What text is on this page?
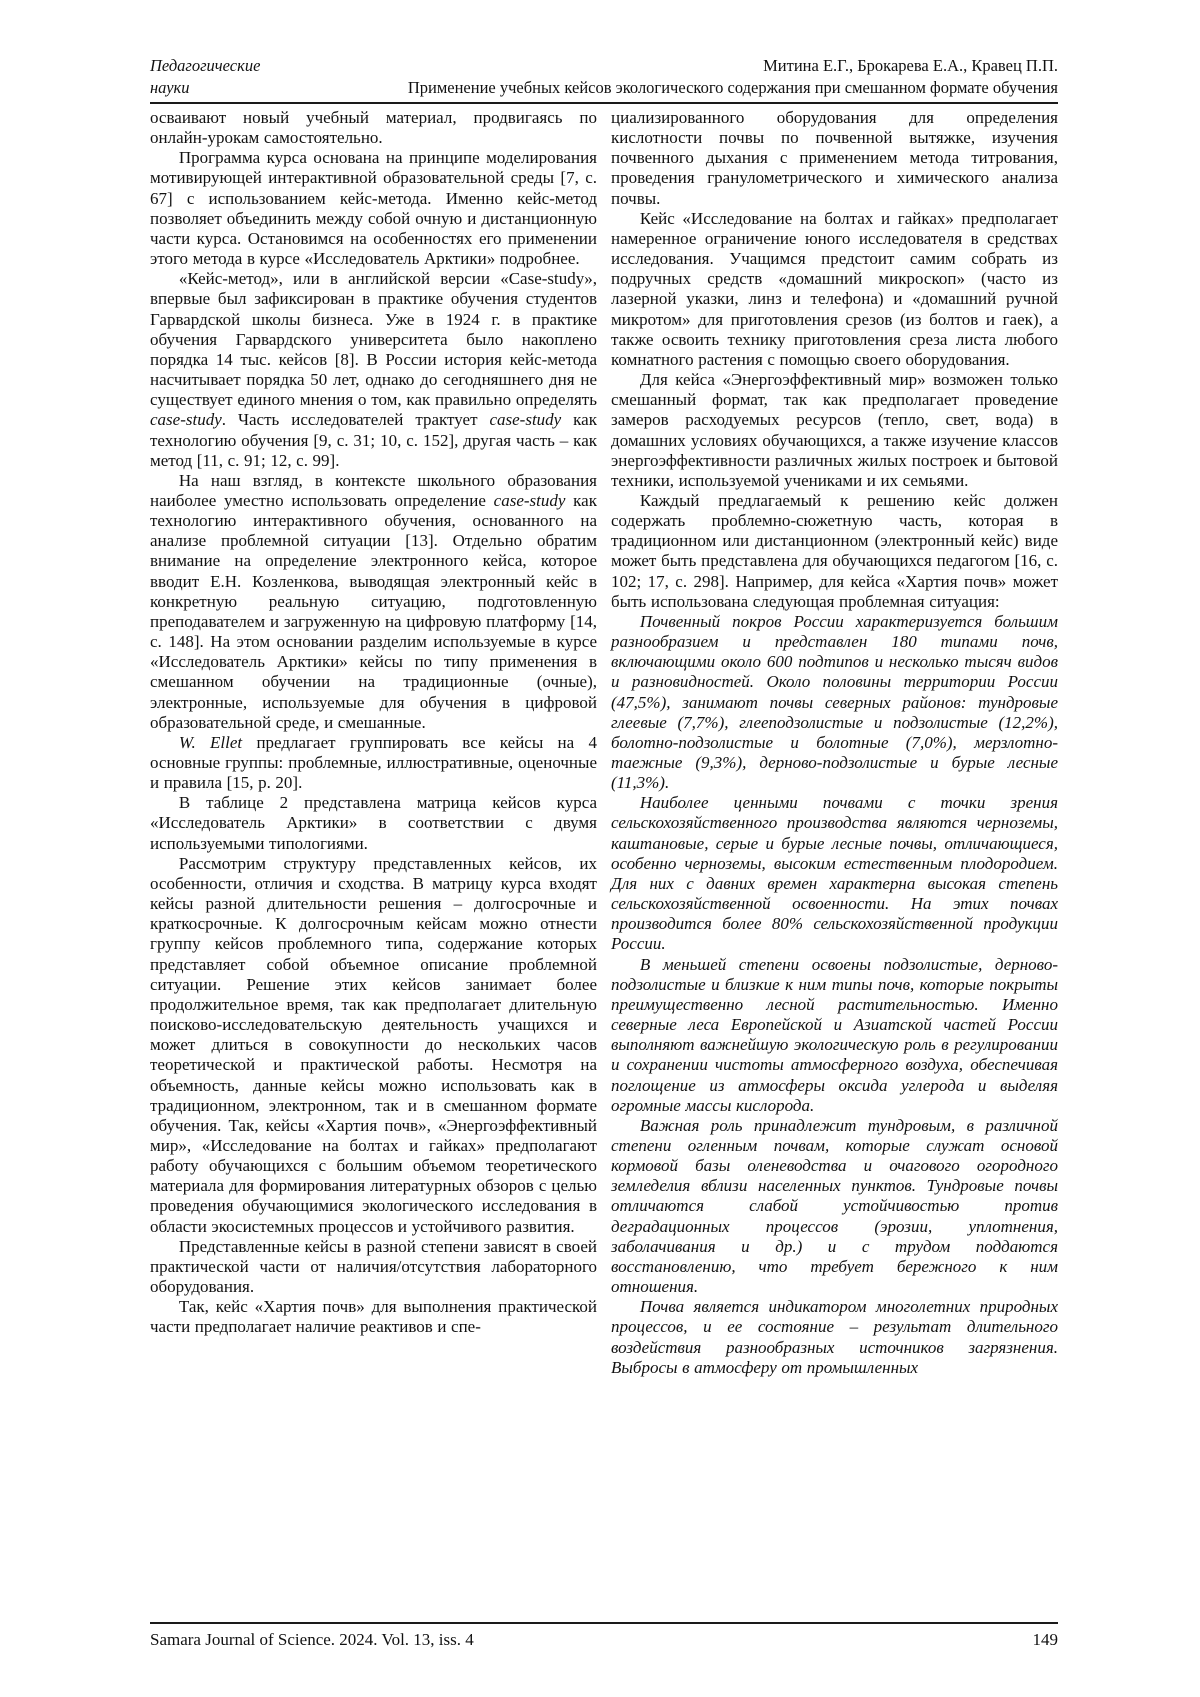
Педагогические	Митина Е.Г., Брокарева Е.А., Кравец П.П.
науки	Применение учебных кейсов экологического содержания при смешанном формате обучения

осваивают новый учебный материал, продвигаясь по онлайн-урокам самостоятельно.

Программа курса основана на принципе моделирования мотивирующей интерактивной образовательной среды [7, с. 67] с использованием кейс-метода. Именно кейс-метод позволяет объединить между собой очную и дистанционную части курса. Остановимся на особенностях его применении этого метода в курсе «Исследователь Арктики» подробнее.

«Кейс-метод», или в английской версии «Case-study», впервые был зафиксирован в практике обучения студентов Гарвардской школы бизнеса. Уже в 1924 г. в практике обучения Гарвардского университета было накоплено порядка 14 тыс. кейсов [8]. В России история кейс-метода насчитывает порядка 50 лет, однако до сегодняшнего дня не существует единого мнения о том, как правильно определять case-study. Часть исследователей трактует case-study как технологию обучения [9, с. 31; 10, с. 152], другая часть – как метод [11, с. 91; 12, с. 99].

На наш взгляд, в контексте школьного образования наиболее уместно использовать определение case-study как технологию интерактивного обучения, основанного на анализе проблемной ситуации [13]. Отдельно обратим внимание на определение электронного кейса, которое вводит Е.Н. Козленкова, выводящая электронный кейс в конкретную реальную ситуацию, подготовленную преподавателем и загруженную на цифровую платформу [14, с. 148]. На этом основании разделим используемые в курсе «Исследователь Арктики» кейсы по типу применения в смешанном обучении на традиционные (очные), электронные, используемые для обучения в цифровой образовательной среде, и смешанные.

W. Ellet предлагает группировать все кейсы на 4 основные группы: проблемные, иллюстративные, оценочные и правила [15, p. 20].

В таблице 2 представлена матрица кейсов курса «Исследователь Арктики» в соответствии с двумя используемыми типологиями.

Рассмотрим структуру представленных кейсов, их особенности, отличия и сходства. В матрицу курса входят кейсы разной длительности решения – долгосрочные и краткосрочные. К долгосрочным кейсам можно отнести группу кейсов проблемного типа, содержание которых представляет собой объемное описание проблемной ситуации. Решение этих кейсов занимает более продолжительное время, так как предполагает длительную поисково-исследовательскую деятельность учащихся и может длиться в совокупности до нескольких часов теоретической и практической работы. Несмотря на объемность, данные кейсы можно использовать как в традиционном, электронном, так и в смешанном формате обучения. Так, кейсы «Хартия почв», «Энергоэффективный мир», «Исследование на болтах и гайках» предполагают работу обучающихся с большим объемом теоретического материала для формирования литературных обзоров с целью проведения обучающимися экологического исследования в области экосистемных процессов и устойчивого развития.

Представленные кейсы в разной степени зависят в своей практической части от наличия/отсутствия лабораторного оборудования.

Так, кейс «Хартия почв» для выполнения практической части предполагает наличие реактивов и спе-

циализированного оборудования для определения кислотности почвы по почвенной вытяжке, изучения почвенного дыхания с применением метода титрования, проведения гранулометрического и химического анализа почвы.

Кейс «Исследование на болтах и гайках» предполагает намеренное ограничение юного исследователя в средствах исследования. Учащимся предстоит самим собрать из подручных средств «домашний микроскоп» (часто из лазерной указки, линз и телефона) и «домашний ручной микротом» для приготовления срезов (из болтов и гаек), а также освоить технику приготовления среза листа любого комнатного растения с помощью своего оборудования.

Для кейса «Энергоэффективный мир» возможен только смешанный формат, так как предполагает проведение замеров расходуемых ресурсов (тепло, свет, вода) в домашних условиях обучающихся, а также изучение классов энергоэффективности различных жилых построек и бытовой техники, используемой учениками и их семьями.

Каждый предлагаемый к решению кейс должен содержать проблемно-сюжетную часть, которая в традиционном или дистанционном (электронный кейс) виде может быть представлена для обучающихся педагогом [16, с. 102; 17, с. 298]. Например, для кейса «Хартия почв» может быть использована следующая проблемная ситуация:

Почвенный покров России характеризуется большим разнообразием и представлен 180 типами почв, включающими около 600 подтипов и несколько тысяч видов и разновидностей. Около половины территории России (47,5%), занимают почвы северных районов: тундровые глеевые (7,7%), глееподзолистые и подзолистые (12,2%), болотно-подзолистые и болотные (7,0%), мерзлотно-таежные (9,3%), дерново-подзолистые и бурые лесные (11,3%).

Наиболее ценными почвами с точки зрения сельскохозяйственного производства являются черноземы, каштановые, серые и бурые лесные почвы, отличающиеся, особенно черноземы, высоким естественным плодородием. Для них с давних времен характерна высокая степень сельскохозяйственной освоенности. На этих почвах производится более 80% сельскохозяйственной продукции России.

В меньшей степени освоены подзолистые, дерново-подзолистые и близкие к ним типы почв, которые покрыты преимущественно лесной растительностью. Именно северные леса Европейской и Азиатской частей России выполняют важнейшую экологическую роль в регулировании и сохранении чистоты атмосферного воздуха, обеспечивая поглощение из атмосферы оксида углерода и выделяя огромные массы кислорода.

Важная роль принадлежит тундровым, в различной степени огленным почвам, которые служат основой кормовой базы оленеводства и очагового огородного земледелия вблизи населенных пунктов. Тундровые почвы отличаются слабой устойчивостью против деградационных процессов (эрозии, уплотнения, заболачивания и др.) и с трудом поддаются восстановлению, что требует бережного к ним отношения.

Почва является индикатором многолетних природных процессов, и ее состояние – результат длительного воздействия разнообразных источников загрязнения. Выбросы в атмосферу от промышленных

Samara Journal of Science. 2024. Vol. 13, iss. 4	149
